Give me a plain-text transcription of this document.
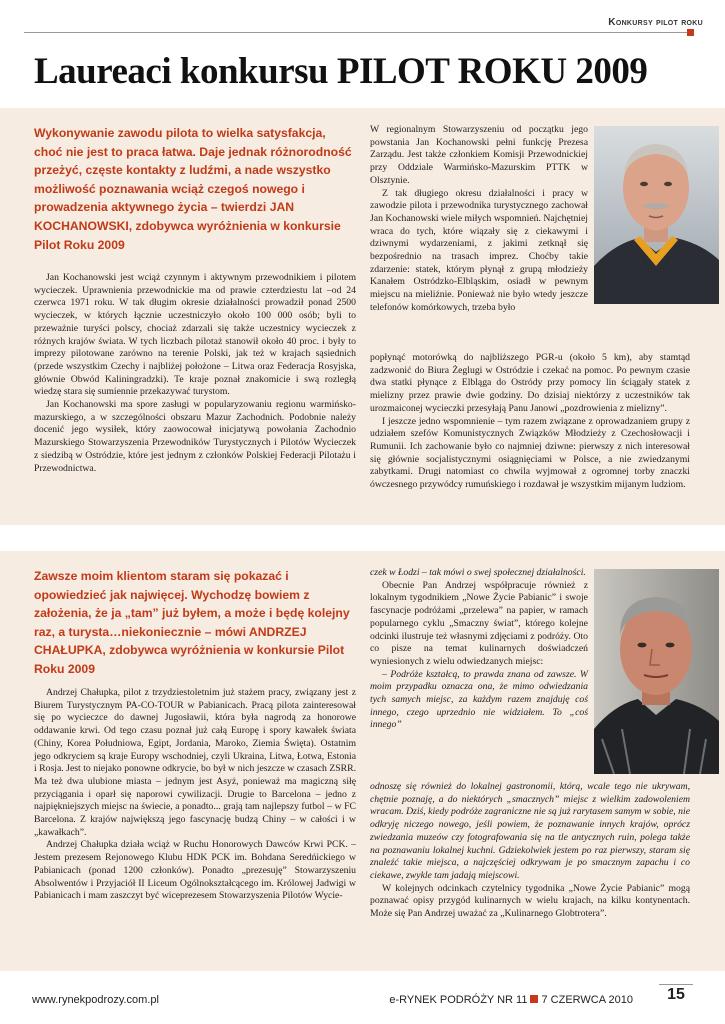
Konkursy pilot roku
Laureaci konkursu PILOT ROKU 2009

Wykonywanie zawodu pilota to wielka satysfakcja, choć nie jest to praca łatwa. Daje jednak różnorodność przeżyć, częste kontakty z ludźmi, a nade wszystko możliwość poznawania wciąż czegoś nowego i prowadzenia aktywnego życia – twierdzi JAN KOCHANOWSKI, zdobywca wyróżnienia w konkursie Pilot Roku 2009

Jan Kochanowski jest wciąż czynnym i aktywnym przewodnikiem i pilotem wycieczek. Uprawnienia przewodnickie ma od prawie czterdziestu lat –od 24 czerwca 1971 roku. W tak długim okresie działalności prowadził ponad 2500 wycieczek, w których łącznie uczestniczyło około 100 000 osób; byli to przeważnie turyści polscy, chociaż zdarzali się także uczestnicy wycieczek z różnych krajów świata. W tych liczbach pilotaż stanowił około 40 proc. i były to imprezy pilotowane zarówno na terenie Polski, jak też w krajach sąsiednich (przede wszystkim Czechy i najbliżej położone – Litwa oraz Federacja Rosyjska, głównie Obwód Kaliningradzki). Te kraje poznał znakomicie i swą rozległą wiedzę stara się sumiennie przekazywać turystom.

Jan Kochanowski ma spore zasługi w popularyzowaniu regionu warmińsko-mazurskiego, a w szczególności obszaru Mazur Zachodnich. Podobnie należy docenić jego wysiłek, który zaowocował inicjatywą powołania Zachodnio Mazurskiego Stowarzyszenia Przewodników Turystycznych i Pilotów Wycieczek z siedzibą w Ostródzie, które jest jednym z członków Polskiej Federacji Pilotażu i Przewodnictwa.

W regionalnym Stowarzyszeniu od początku jego powstania Jan Kochanowski pełni funkcję Prezesa Zarządu. Jest także członkiem Komisji Przewodnickiej przy Oddziale Warmińsko-Mazurskim PTTK w Olsztynie.

Z tak długiego okresu działalności i pracy w zawodzie pilota i przewodnika turystycznego zachował Jan Kochanowski wiele miłych wspomnień. Najchętniej wraca do tych, które wiązały się z ciekawymi i dziwnymi wydarzeniami, z jakimi zetknął się bezpośrednio na trasach imprez. Choćby takie zdarzenie: statek, którym płynął z grupą młodzieży Kanałem Ostródzko-Elbląskim, osiadł w pewnym miejscu na mieliźnie. Ponieważ nie było wtedy jeszcze telefonów komórkowych, trzeba było

popłynąć motorówką do najbliższego PGR-u (około 5 km), aby stamtąd zadzwonić do Biura Żeglugi w Ostródzie i czekać na pomoc. Po pewnym czasie dwa statki płynące z Elbląga do Ostródy przy pomocy lin ściągały statek z mielizny przez prawie dwie godziny. Do dzisiaj niektórzy z uczestników tak urozmaiconej wycieczki przesyłają Panu Janowi „pozdrowienia z mielizny”.

I jeszcze jedno wspomnienie – tym razem związane z oprowadzaniem grupy z udziałem szefów Komunistycznych Związków Młodzieży z Czechosłowacji i Rumunii. Ich zachowanie było co najmniej dziwne: pierwszy z nich interesował się głównie socjalistycznymi osiągnięciami w Polsce, a nie zwiedzanymi zabytkami. Drugi natomiast co chwila wyjmował z ogromnej torby znaczki ówczesnego przywódcy rumuńskiego i rozdawał je wszystkim mijanym ludziom.

Zawsze moim klientom staram się pokazać i opowiedzieć jak najwięcej. Wychodzę bowiem z założenia, że ja „tam” już byłem, a może i będę kolejny raz, a turysta…niekoniecznie – mówi ANDRZEJ CHAŁUPKA, zdobywca wyróżnienia w konkursie Pilot Roku 2009

Andrzej Chałupka, pilot z trzydziestoletnim już stażem pracy, związany jest z Biurem Turystycznym PA-CO-TOUR w Pabianicach. Pracą pilota zainteresował się po wycieczce do dawnej Jugosławii, która była nagrodą za honorowe oddawanie krwi. Od tego czasu poznał już całą Europę i spory kawałek świata (Chiny, Korea Południowa, Egipt, Jordania, Maroko, Ziemia Święta). Ostatnim jego odkryciem są kraje Europy wschodniej, czyli Ukraina, Litwa, Łotwa, Estonia i Rosja. Jest to niejako ponowne odkrycie, bo był w nich jeszcze w czasach ZSRR. Ma też dwa ulubione miasta – jednym jest Asyż, ponieważ ma magiczną siłę przyciągania i oparł się naporowi cywilizacji. Drugie to Barcelona – jedno z najpiękniejszych miejsc na świecie, a ponadto... grają tam najlepszy futbol – w FC Barcelona. Z krajów największą jego fascynację budzą Chiny – w całości i w „kawałkach”.

Andrzej Chałupka działa wciąż w Ruchu Honorowych Dawców Krwi PCK. – Jestem prezesem Rejonowego Klubu HDK PCK im. Bohdana Seredńickiego w Pabianicach (ponad 1200 członków). Ponadto „prezesuję” Stowarzyszeniu Absolwentów i Przyjaciół II Liceum Ogólnokształcącego im. Królowej Jadwigi w Pabianicach i mam zaszczyt być wiceprezesem Stowarzyszenia Pilotów Wycie-

czek w Łodzi – tak mówi o swej społecznej działalności.

Obecnie Pan Andrzej współpracuje również z lokalnym tygodnikiem „Nowe Życie Pabianic” i swoje fascynacje podróżami „przelewa” na papier, w ramach popularnego cyklu „Smaczny świat”, którego kolejne odcinki ilustruje też własnymi zdjęciami z podróży. Oto co pisze na temat kulinarnych doświadczeń wyniesionych z wielu odwiedzanych miejsc:

– Podróże kształcą, to prawda znana od zawsze. W moim przypadku oznacza ona, że mimo odwiedzania tych samych miejsc, za każdym razem znajduję coś innego, czego uprzednio nie widziałem. To „coś innego”

odnoszę się również do lokalnej gastronomii, którą, wcale tego nie ukrywam, chętnie poznaję, a do niektórych „smacznych” miejsc z wielkim zadowoleniem wracam. Dziś, kiedy podróże zagraniczne nie są już rarytasem samym w sobie, nie odkryję niczego nowego, jeśli powiem, że poznawanie innych krajów, oprócz zwiedzania muzeów czy fotografowania się na tle antycznych ruin, polega także na poznawaniu lokalnej kuchni. Gdziekolwiek jestem po raz pierwszy, staram się znaleźć takie miejsca, a najczęściej odkrywam je po smacznym zapachu i co ciekawe, zwykle tam jadają miejscowi.

W kolejnych odcinkach czytelnicy tygodnika „Nowe Życie Pabianic” mogą poznawać opisy przygód kulinarnych w wielu krajach, na kilku kontynentach. Może się Pan Andrzej uważać za „Kulinarnego Globtrotera”.

www.rynekpodrozy.com.pl	e-RYNEK PODRÓŻY NR 11 7 CZERWCA 2010	15
